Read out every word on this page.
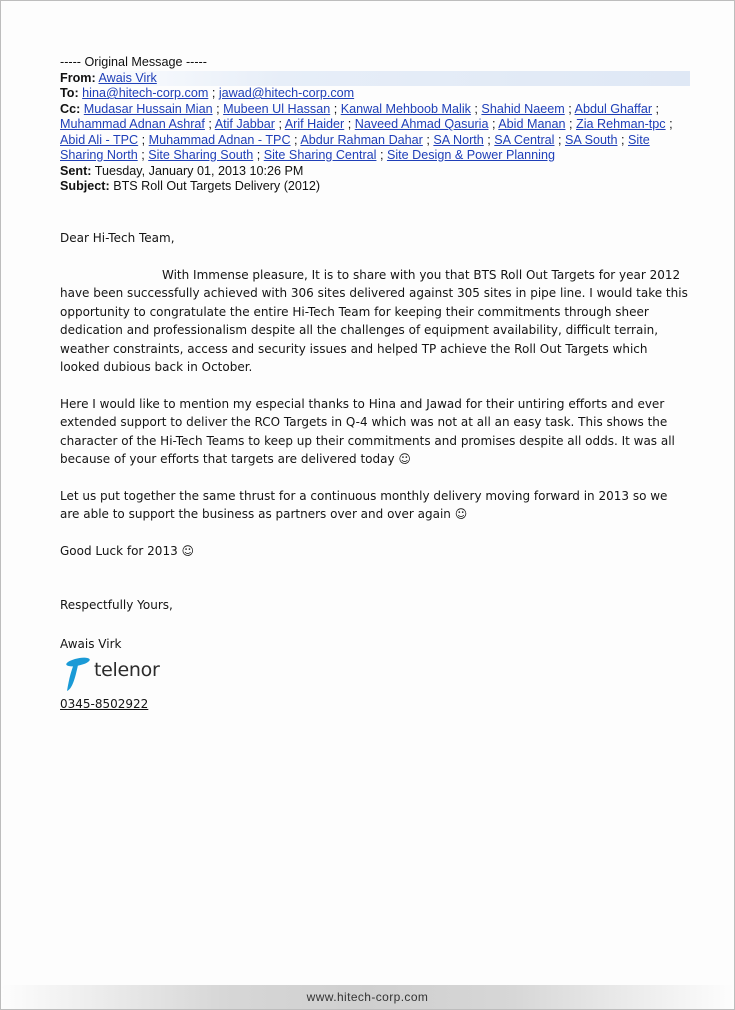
----- Original Message -----
From: Awais Virk
To: hina@hitech-corp.com ; jawad@hitech-corp.com
Cc: Mudasar Hussain Mian ; Mubeen Ul Hassan ; Kanwal Mehboob Malik ; Shahid Naeem ; Abdul Ghaffar ; Muhammad Adnan Ashraf ; Atif Jabbar ; Arif Haider ; Naveed Ahmad Qasuria ; Abid Manan ; Zia Rehman-tpc ; Abid Ali - TPC ; Muhammad Adnan - TPC ; Abdur Rahman Dahar ; SA North ; SA Central ; SA South ; Site Sharing North ; Site Sharing South ; Site Sharing Central ; Site Design & Power Planning
Sent: Tuesday, January 01, 2013 10:26 PM
Subject: BTS Roll Out Targets Delivery (2012)

Dear Hi-Tech Team,

With Immense pleasure, It is to share with you that BTS Roll Out Targets for year 2012 have been successfully achieved with 306 sites delivered against 305 sites in pipe line. I would take this opportunity to congratulate the entire Hi-Tech Team for keeping their commitments through sheer dedication and professionalism despite all the challenges of equipment availability, difficult terrain, weather constraints, access and security issues and helped TP achieve the Roll Out Targets which looked dubious back in October.

Here I would like to mention my especial thanks to Hina and Jawad for their untiring efforts and ever extended support to deliver the RCO Targets in Q-4 which was not at all an easy task. This shows the character of the Hi-Tech Teams to keep up their commitments and promises despite all odds. It was all because of your efforts that targets are delivered today ☺

Let us put together the same thrust for a continuous monthly delivery moving forward in 2013 so we are able to support the business as partners over and over again ☺

Good Luck for 2013 ☺

Respectfully Yours,

Awais Virk

telenor

0345-8502922

www.hitech-corp.com
